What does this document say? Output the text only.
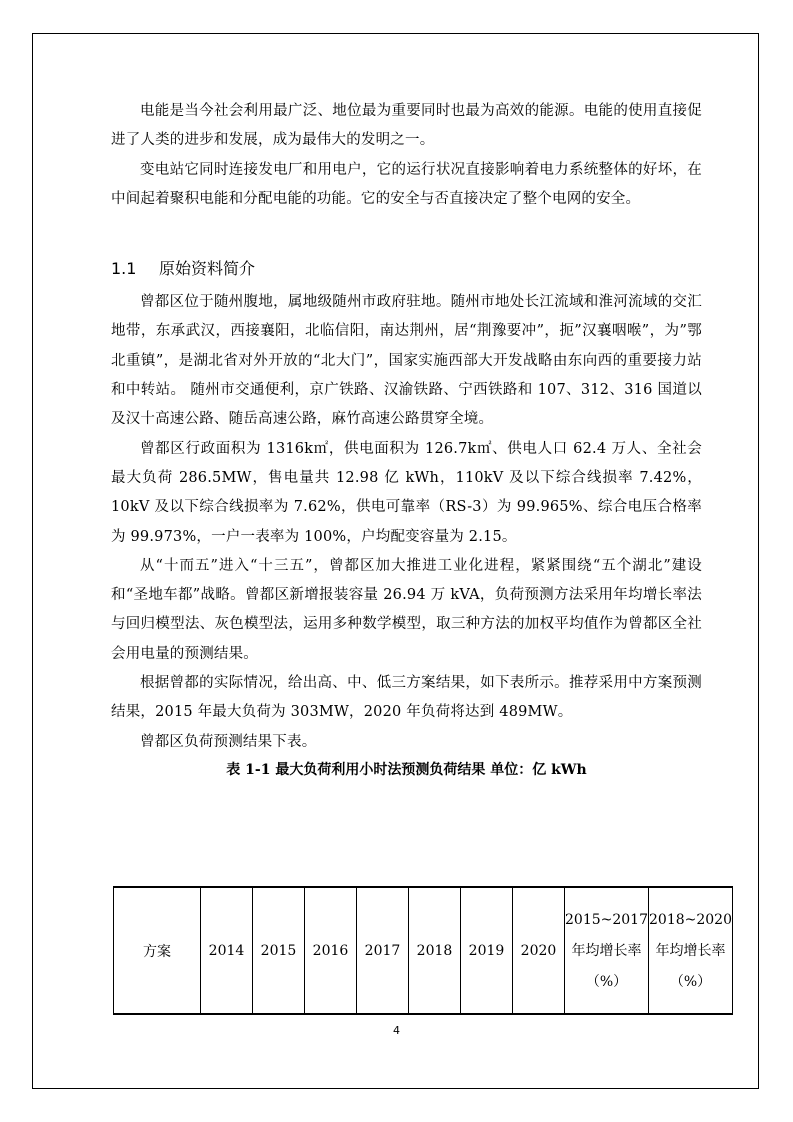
电能是当今社会利用最广泛、地位最为重要同时也最为高效的能源。电能的使用直接促进了人类的进步和发展，成为最伟大的发明之一。

变电站它同时连接发电厂和用电户，它的运行状况直接影响着电力系统整体的好坏，在中间起着聚积电能和分配电能的功能。它的安全与否直接决定了整个电网的安全。

1.1 原始资料简介

曾都区位于随州腹地，属地级随州市政府驻地。随州市地处长江流域和淮河流域的交汇地带，东承武汉，西接襄阳，北临信阳，南达荆州，居“荆豫要冲”，扼”汉襄咽喉”，为”鄂北重镇”，是湖北省对外开放的“北大门”，国家实施西部大开发战略由东向西的重要接力站和中转站。 随州市交通便利，京广铁路、汉渝铁路、宁西铁路和 107、312、316 国道以及汉十高速公路、随岳高速公路，麻竹高速公路贯穿全境。

曾都区行政面积为 1316k㎡，供电面积为 126.7k㎡、供电人口 62.4 万人、全社会最大负荷 286.5MW，售电量共 12.98 亿 kWh，110kV 及以下综合线损率 7.42%，10kV 及以下综合线损率为 7.62%，供电可靠率（RS-3）为 99.965%、综合电压合格率为 99.973%，一户一表率为 100%，户均配变容量为 2.15。

从“十而五”进入“十三五”，曾都区加大推进工业化进程，紧紧围绕“五个湖北”建设和“圣地车都”战略。曾都区新增报装容量 26.94 万 kVA，负荷预测方法采用年均增长率法与回归模型法、灰色模型法，运用多种数学模型，取三种方法的加权平均值作为曾都区全社会用电量的预测结果。

根据曾都的实际情况，给出高、中、低三方案结果，如下表所示。推荐采用中方案预测结果，2015 年最大负荷为 303MW，2020 年负荷将达到 489MW。

曾都区负荷预测结果下表。

表 1-1 最大负荷利用小时法预测负荷结果 单位：亿 kWh
方案	2014	2015	2016	2017	2018	2019	2020	2015~2017年均增长率（%）	2018~2020年均增长率（%）
4
